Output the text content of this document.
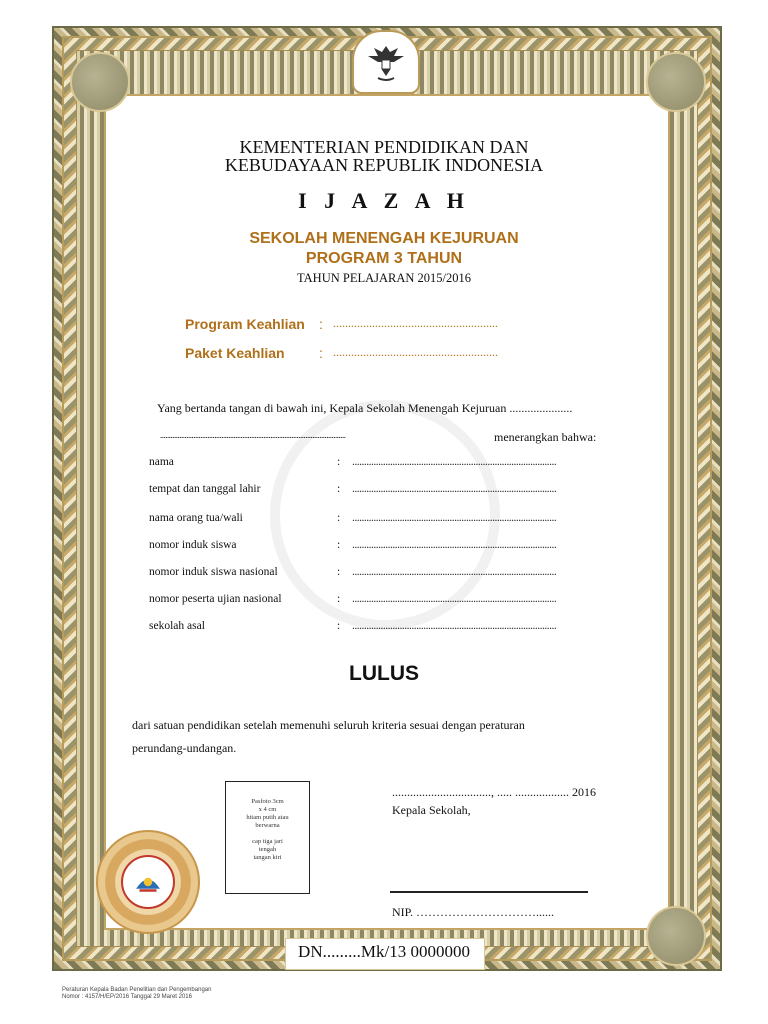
KEMENTERIAN PENDIDIKAN DAN
KEBUDAYAAN REPUBLIK INDONESIA
I J A Z A H
SEKOLAH MENENGAH KEJURUAN
PROGRAM 3 TAHUN
TAHUN PELAJARAN 2015/2016
Program Keahlian : .......................................................
Paket Keahlian : .......................................................
Yang bertanda tangan di bawah ini, Kepala Sekolah Menengah Kejuruan .....................
..........................................................................................................	menerangkan bahwa:
nama	: ......................................................................................
tempat dan tanggal lahir	: ......................................................................................
nama orang tua/wali	: ......................................................................................
nomor induk siswa	: ......................................................................................
nomor induk siswa nasional	: ......................................................................................
nomor peserta ujian nasional	: ......................................................................................
sekolah asal	: ......................................................................................
LULUS
dari satuan pendidikan setelah memenuhi seluruh kriteria sesuai dengan peraturan
perundang-undangan.
Pasfoto 3cm
x 4 cm
hitam putih atau
berwarna
cap tiga jari
tengah
tangan kiri
................................., ..... .................. 2016
Kepala Sekolah,
NIP. …………………………......
DN.........Mk/13 0000000
Peraturan Kepala Badan Penelitian dan Pengembangan
Nomor : 4157/H/EP/2016 Tanggal 29 Maret 2016
